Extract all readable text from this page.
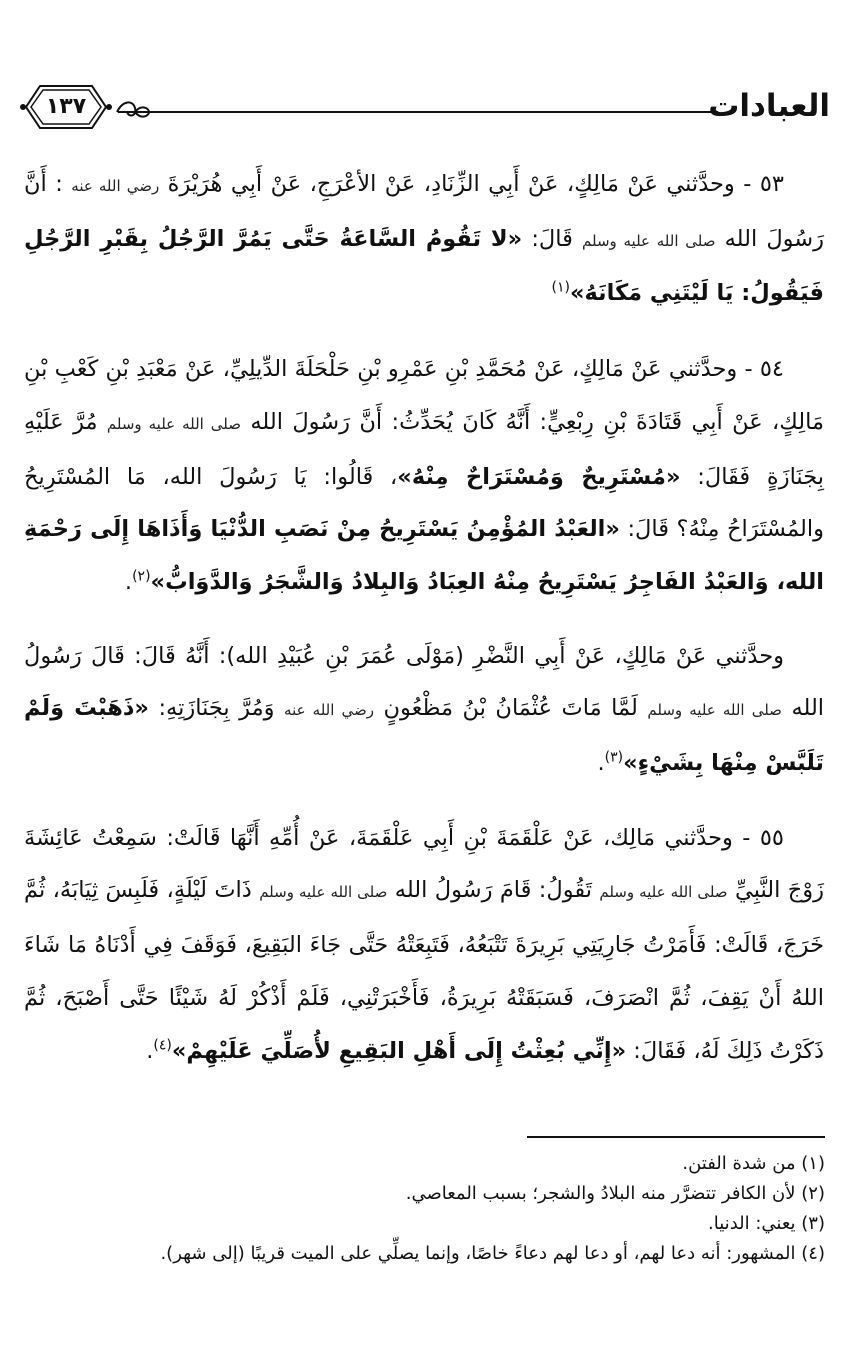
١٣٧	العبادات

٥٣ - وحدَّثني عَنْ مَالِكٍ، عَنْ أَبِي الزِّنَادِ، عَنْ الأعْرَجِ، عَنْ أَبِي هُرَيْرَةَ رضي الله عنه : أَنَّ رَسُولَ الله صلى الله عليه وسلم قَالَ: «لا تَقُومُ السَّاعَةُ حَتَّى يَمُرَّ الرَّجُلُ بِقَبْرِ الرَّجُلِ فَيَقُولُ: يَا لَيْتَنِي مَكَانَهُ»$^{(١)}$

٥٤ - وحدَّثني عَنْ مَالِكٍ، عَنْ مُحَمَّدِ بْنِ عَمْرِو بْنِ حَلْحَلَةَ الدِّيلِيِّ، عَنْ مَعْبَدِ بْنِ كَعْبِ بْنِ مَالِكٍ، عَنْ أَبِي قَتَادَةَ بْنِ رِبْعِيٍّ: أَنَّهُ كَانَ يُحَدِّثُ: أَنَّ رَسُولَ الله صلى الله عليه وسلم مُرَّ عَلَيْهِ بِجَنَازَةٍ فَقَالَ: «مُسْتَرِيحٌ وَمُسْتَرَاحٌ مِنْهُ»، قَالُوا: يَا رَسُولَ الله، مَا المُسْتَرِيحُ والمُسْتَرَاحُ مِنْهُ؟ قَالَ: «العَبْدُ المُؤْمِنُ يَسْتَرِيحُ مِنْ نَصَبِ الدُّنْيَا وَأَذَاهَا إِلَى رَحْمَةِ الله، وَالعَبْدُ الفَاجِرُ يَسْتَرِيحُ مِنْهُ العِبَادُ وَالبِلادُ وَالشَّجَرُ وَالدَّوَابُّ»$^{(٢)}$.

وحدَّثني عَنْ مَالِكٍ، عَنْ أَبِي النَّضْرِ (مَوْلَى عُمَرَ بْنِ عُبَيْدِ الله): أَنَّهُ قَالَ: قَالَ رَسُولُ الله صلى الله عليه وسلم لَمَّا مَاتَ عُثْمَانُ بْنُ مَظْعُونٍ رضي الله عنه وَمُرَّ بِجَنَازَتِهِ: «ذَهَبْتَ وَلَمْ تَلَبَّسْ مِنْهَا بِشَيْءٍ»$^{(٣)}$.

٥٥ - وحدَّثني مَالِك، عَنْ عَلْقَمَةَ بْنِ أَبِي عَلْقَمَةَ، عَنْ أُمِّهِ أَنَّهَا قَالَتْ: سَمِعْتُ عَائِشَةَ زَوْجَ النَّبِيِّ صلى الله عليه وسلم تَقُولُ: قَامَ رَسُولُ الله صلى الله عليه وسلم ذَاتَ لَيْلَةٍ، فَلَبِسَ ثِيَابَهُ، ثُمَّ خَرَجَ، قَالَتْ: فَأَمَرْتُ جَارِيَتِي بَرِيرَةَ تَتْبَعُهُ، فَتَبِعَتْهُ حَتَّى جَاءَ البَقِيعَ، فَوَقَفَ فِي أَدْنَاهُ مَا شَاءَ اللهُ أَنْ يَقِفَ، ثُمَّ انْصَرَفَ، فَسَبَقَتْهُ بَرِيرَةُ، فَأَخْبَرَتْنِي، فَلَمْ أَذْكُرْ لَهُ شَيْئًا حَتَّى أَصْبَحَ، ثُمَّ ذَكَرْتُ ذَلِكَ لَهُ، فَقَالَ: «إِنِّي بُعِثْتُ إِلَى أَهْلِ البَقِيعِ لأُصَلِّيَ عَلَيْهِمْ»$^{(٤)}$.

(١) من شدة الفتن.

(٢) لأن الكافر تتضرَّر منه البلادُ والشجر؛ بسبب المعاصي.

(٣) يعني: الدنيا.

(٤) المشهور: أنه دعا لهم، أو دعا لهم دعاءً خاصًا، وإنما يصلِّي على الميت قريبًا (إلى شهر).
